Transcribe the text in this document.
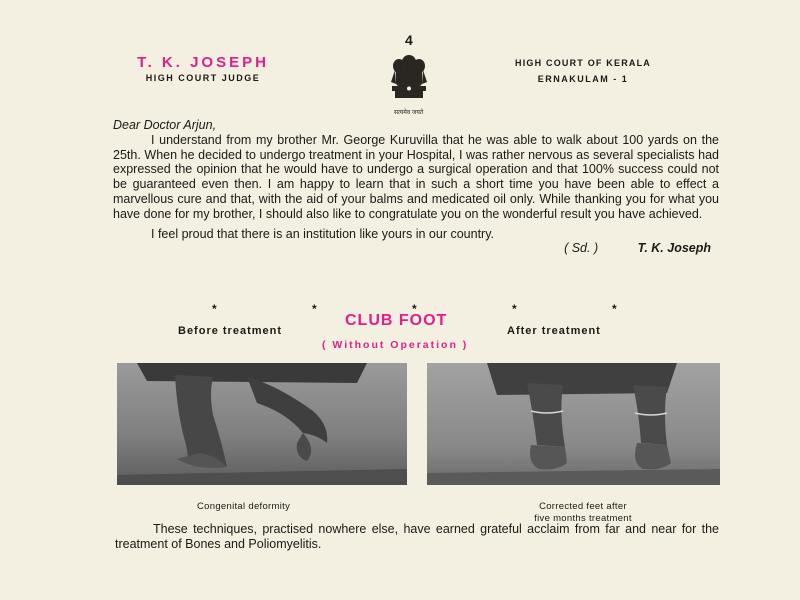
4
T. K. JOSEPH
HIGH COURT JUDGE
सत्यमेव जयते
HIGH COURT OF KERALA
ERNAKULAM - 1
Dear Doctor Arjun,

I understand from my brother Mr. George Kuruvilla that he was able to walk about 100 yards on the 25th. When he decided to undergo treatment in your Hospital, I was rather nervous as several specialists had expressed the opinion that he would have to undergo a surgical operation and that 100% success could not be guaranteed even then. I am happy to learn that in such a short time you have been able to effect a marvellous cure and that, with the aid of your balms and medicated oil only. While thanking you for what you have done for my brother, I should also like to congratulate you on the wonderful result you have achieved.

I feel proud that there is an institution like yours in our country.

( Sd. )	T. K. Joseph
*	*	*	*	*
Before treatment
CLUB FOOT
After treatment
( Without Operation )
Congenital deformity	Corrected feet after
five months treatment

These techniques, practised nowhere else, have earned grateful acclaim from far and near for the treatment of Bones and Poliomyelitis.
